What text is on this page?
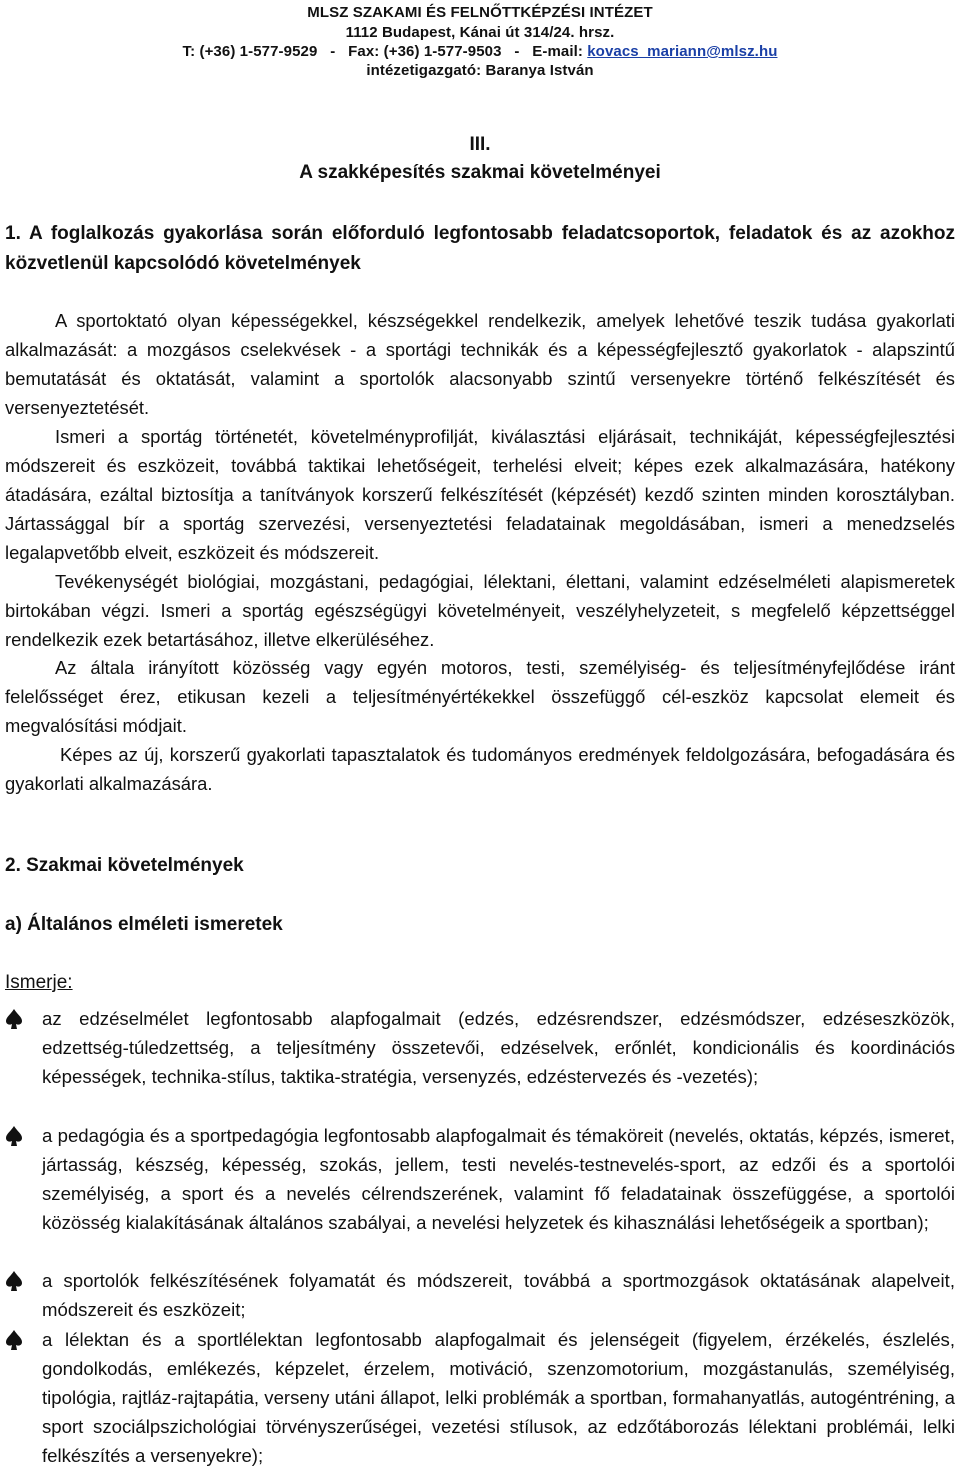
MLSZ SZAKAMI ÉS FELNŐTTKÉPZÉSI INTÉZET
1112 Budapest, Kánai út 314/24. hrsz.
T: (+36) 1-577-9529   -   Fax: (+36) 1-577-9503   -   E-mail: kovacs_mariann@mlsz.hu
intézetigazgató: Baranya István
III.
A szakképesítés szakmai követelményei
1. A foglalkozás gyakorlása során előforduló legfontosabb feladatcsoportok, feladatok és az azokhoz közvetlenül kapcsolódó követelmények

A sportoktató olyan képességekkel, készségekkel rendelkezik, amelyek lehetővé teszik tudása gyakorlati alkalmazását: a mozgásos cselekvések - a sportági technikák és a képességfejlesztő gyakorlatok - alapszintű bemutatását és oktatását, valamint a sportolók alacsonyabb szintű versenyekre történő felkészítését és versenyeztetését.

Ismeri a sportág történetét, követelményprofilját, kiválasztási eljárásait, technikáját, képességfejlesztési módszereit és eszközeit, továbbá taktikai lehetőségeit, terhelési elveit; képes ezek alkalmazására, hatékony átadására, ezáltal biztosítja a tanítványok korszerű felkészítését (képzését) kezdő szinten minden korosztályban. Jártassággal bír a sportág szervezési, versenyeztetési feladatainak megoldásában, ismeri a menedzselés legalapvetőbb elveit, eszközeit és módszereit.

Tevékenységét biológiai, mozgástani, pedagógiai, lélektani, élettani, valamint edzéselméleti alapismeretek birtokában végzi. Ismeri a sportág egészségügyi követelményeit, veszélyhelyzeteit, s megfelelő képzettséggel rendelkezik ezek betartásához, illetve elkerüléséhez.

Az általa irányított közösség vagy egyén motoros, testi, személyiség- és teljesítményfejlődése iránt felelősséget érez, etikusan kezeli a teljesítményértékekkel összefüggő cél-eszköz kapcsolat elemeit és megvalósítási módjait.

Képes az új, korszerű gyakorlati tapasztalatok és tudományos eredmények feldolgozására, befogadására és gyakorlati alkalmazására.

2. Szakmai követelmények
a) Általános elméleti ismeretek
Ismerje:
az edzéselmélet legfontosabb alapfogalmait (edzés, edzésrendszer, edzésmódszer, edzéseszközök, edzettség-túledzettség, a teljesítmény összetevői, edzéselvek, erőnlét, kondicionális és koordinációs képességek, technika-stílus, taktika-stratégia, versenyzés, edzéstervezés és -vezetés);
a pedagógia és a sportpedagógia legfontosabb alapfogalmait és témaköreit (nevelés, oktatás, képzés, ismeret, jártasság, készség, képesség, szokás, jellem, testi nevelés-testnevelés-sport, az edzői és a sportolói személyiség, a sport és a nevelés célrendszerének, valamint fő feladatainak összefüggése, a sportolói közösség kialakításának általános szabályai, a nevelési helyzetek és kihasználási lehetőségeik a sportban);
a sportolók felkészítésének folyamatát és módszereit, továbbá a sportmozgások oktatásának alapelveit, módszereit és eszközeit;
a lélektan és a sportlélektan legfontosabb alapfogalmait és jelenségeit (figyelem, érzékelés, észlelés, gondolkodás, emlékezés, képzelet, érzelem, motiváció, szenzomotorium, mozgástanulás, személyiség, tipológia, rajtláz-rajtapátia, verseny utáni állapot, lelki problémák a sportban, formahanyatlás, autogéntréning, a sport szociálpszichológiai törvényszerűségei, vezetési stílusok, az edzőtáborozás lélektani problémái, lelki felkészítés a versenyekre);
